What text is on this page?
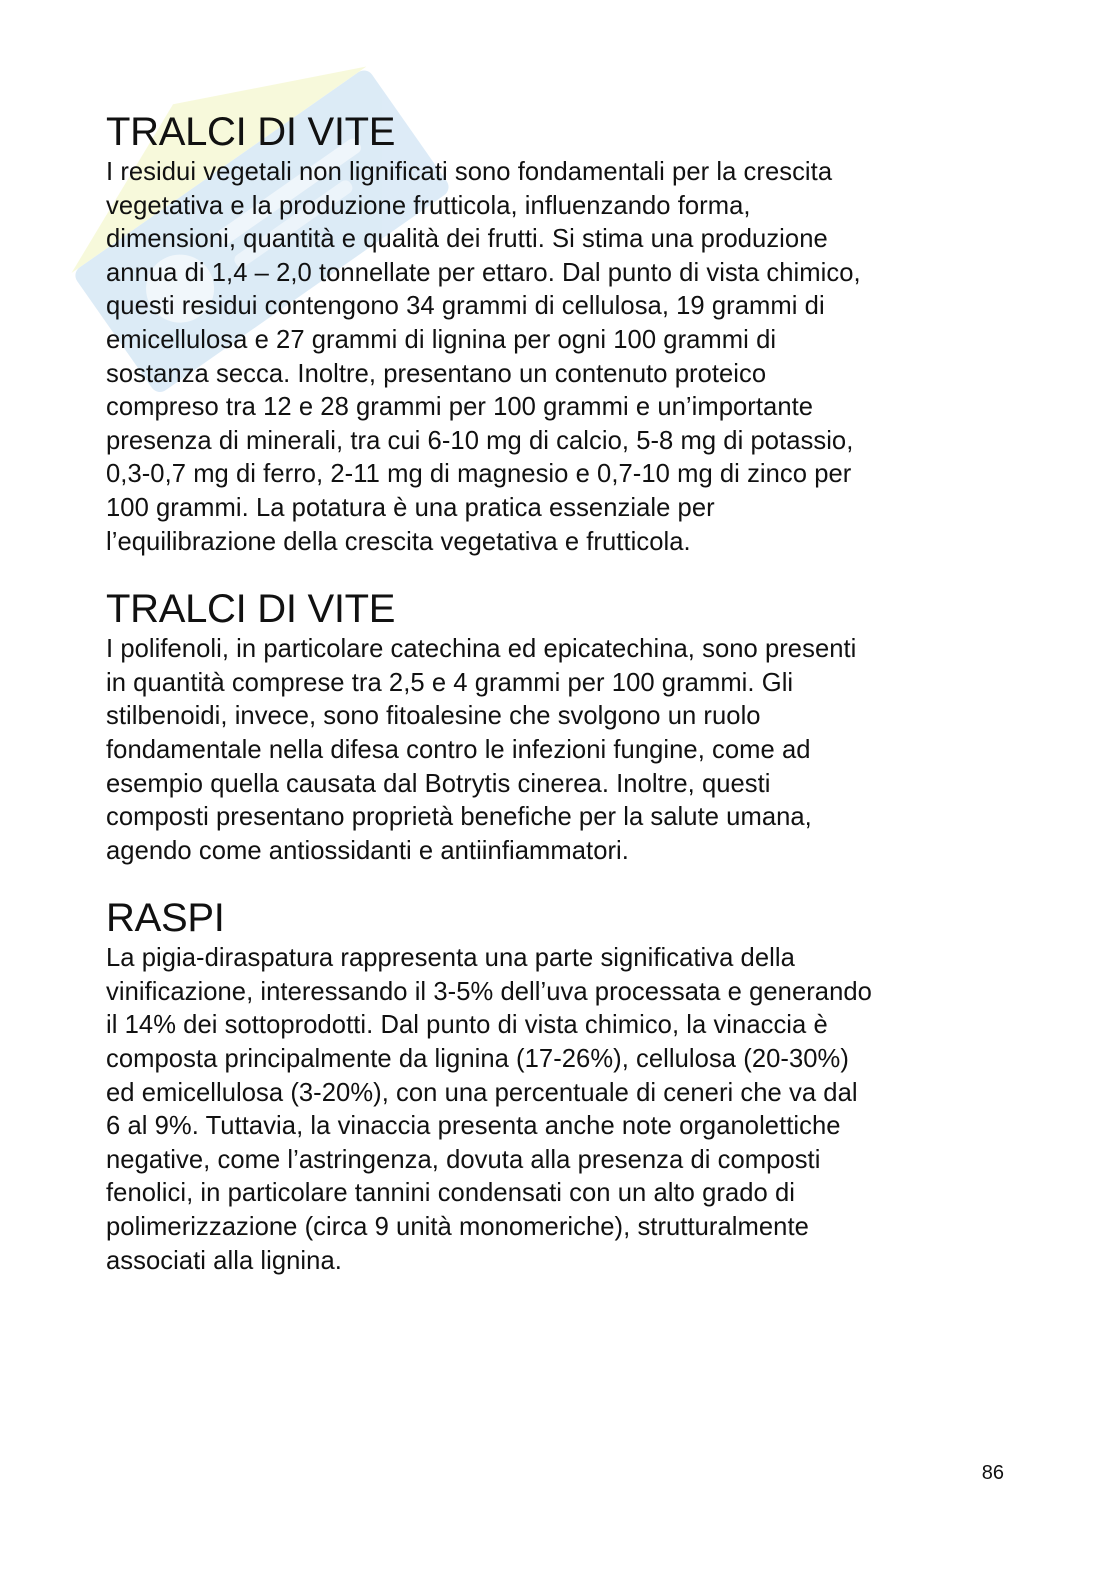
TRALCI DI VITE

I residui vegetali non lignificati sono fondamentali per la crescita
vegetativa e la produzione frutticola, influenzando forma,
dimensioni, quantità e qualità dei frutti. Si stima una produzione
annua di 1,4 – 2,0 tonnellate per ettaro. Dal punto di vista chimico,
questi residui contengono 34 grammi di cellulosa, 19 grammi di
emicellulosa e 27 grammi di lignina per ogni 100 grammi di
sostanza secca. Inoltre, presentano un contenuto proteico
compreso tra 12 e 28 grammi per 100 grammi e un’importante
presenza di minerali, tra cui 6-10 mg di calcio, 5-8 mg di potassio,
0,3-0,7 mg di ferro, 2-11 mg di magnesio e 0,7-10 mg di zinco per
100 grammi. La potatura è una pratica essenziale per
l’equilibrazione della crescita vegetativa e frutticola.

TRALCI DI VITE

I polifenoli, in particolare catechina ed epicatechina, sono presenti
in quantità comprese tra 2,5 e 4 grammi per 100 grammi. Gli
stilbenoidi, invece, sono fitoalesine che svolgono un ruolo
fondamentale nella difesa contro le infezioni fungine, come ad
esempio quella causata dal Botrytis cinerea. Inoltre, questi
composti presentano proprietà benefiche per la salute umana,
agendo come antiossidanti e antiinfiammatori.

RASPI

La pigia-diraspatura rappresenta una parte significativa della
vinificazione, interessando il 3-5% dell’uva processata e generando
il 14% dei sottoprodotti. Dal punto di vista chimico, la vinaccia è
composta principalmente da lignina (17-26%), cellulosa (20-30%)
ed emicellulosa (3-20%), con una percentuale di ceneri che va dal
6 al 9%. Tuttavia, la vinaccia presenta anche note organolettiche
negative, come l’astringenza, dovuta alla presenza di composti
fenolici, in particolare tannini condensati con un alto grado di
polimerizzazione (circa 9 unità monomeriche), strutturalmente
associati alla lignina.

86
